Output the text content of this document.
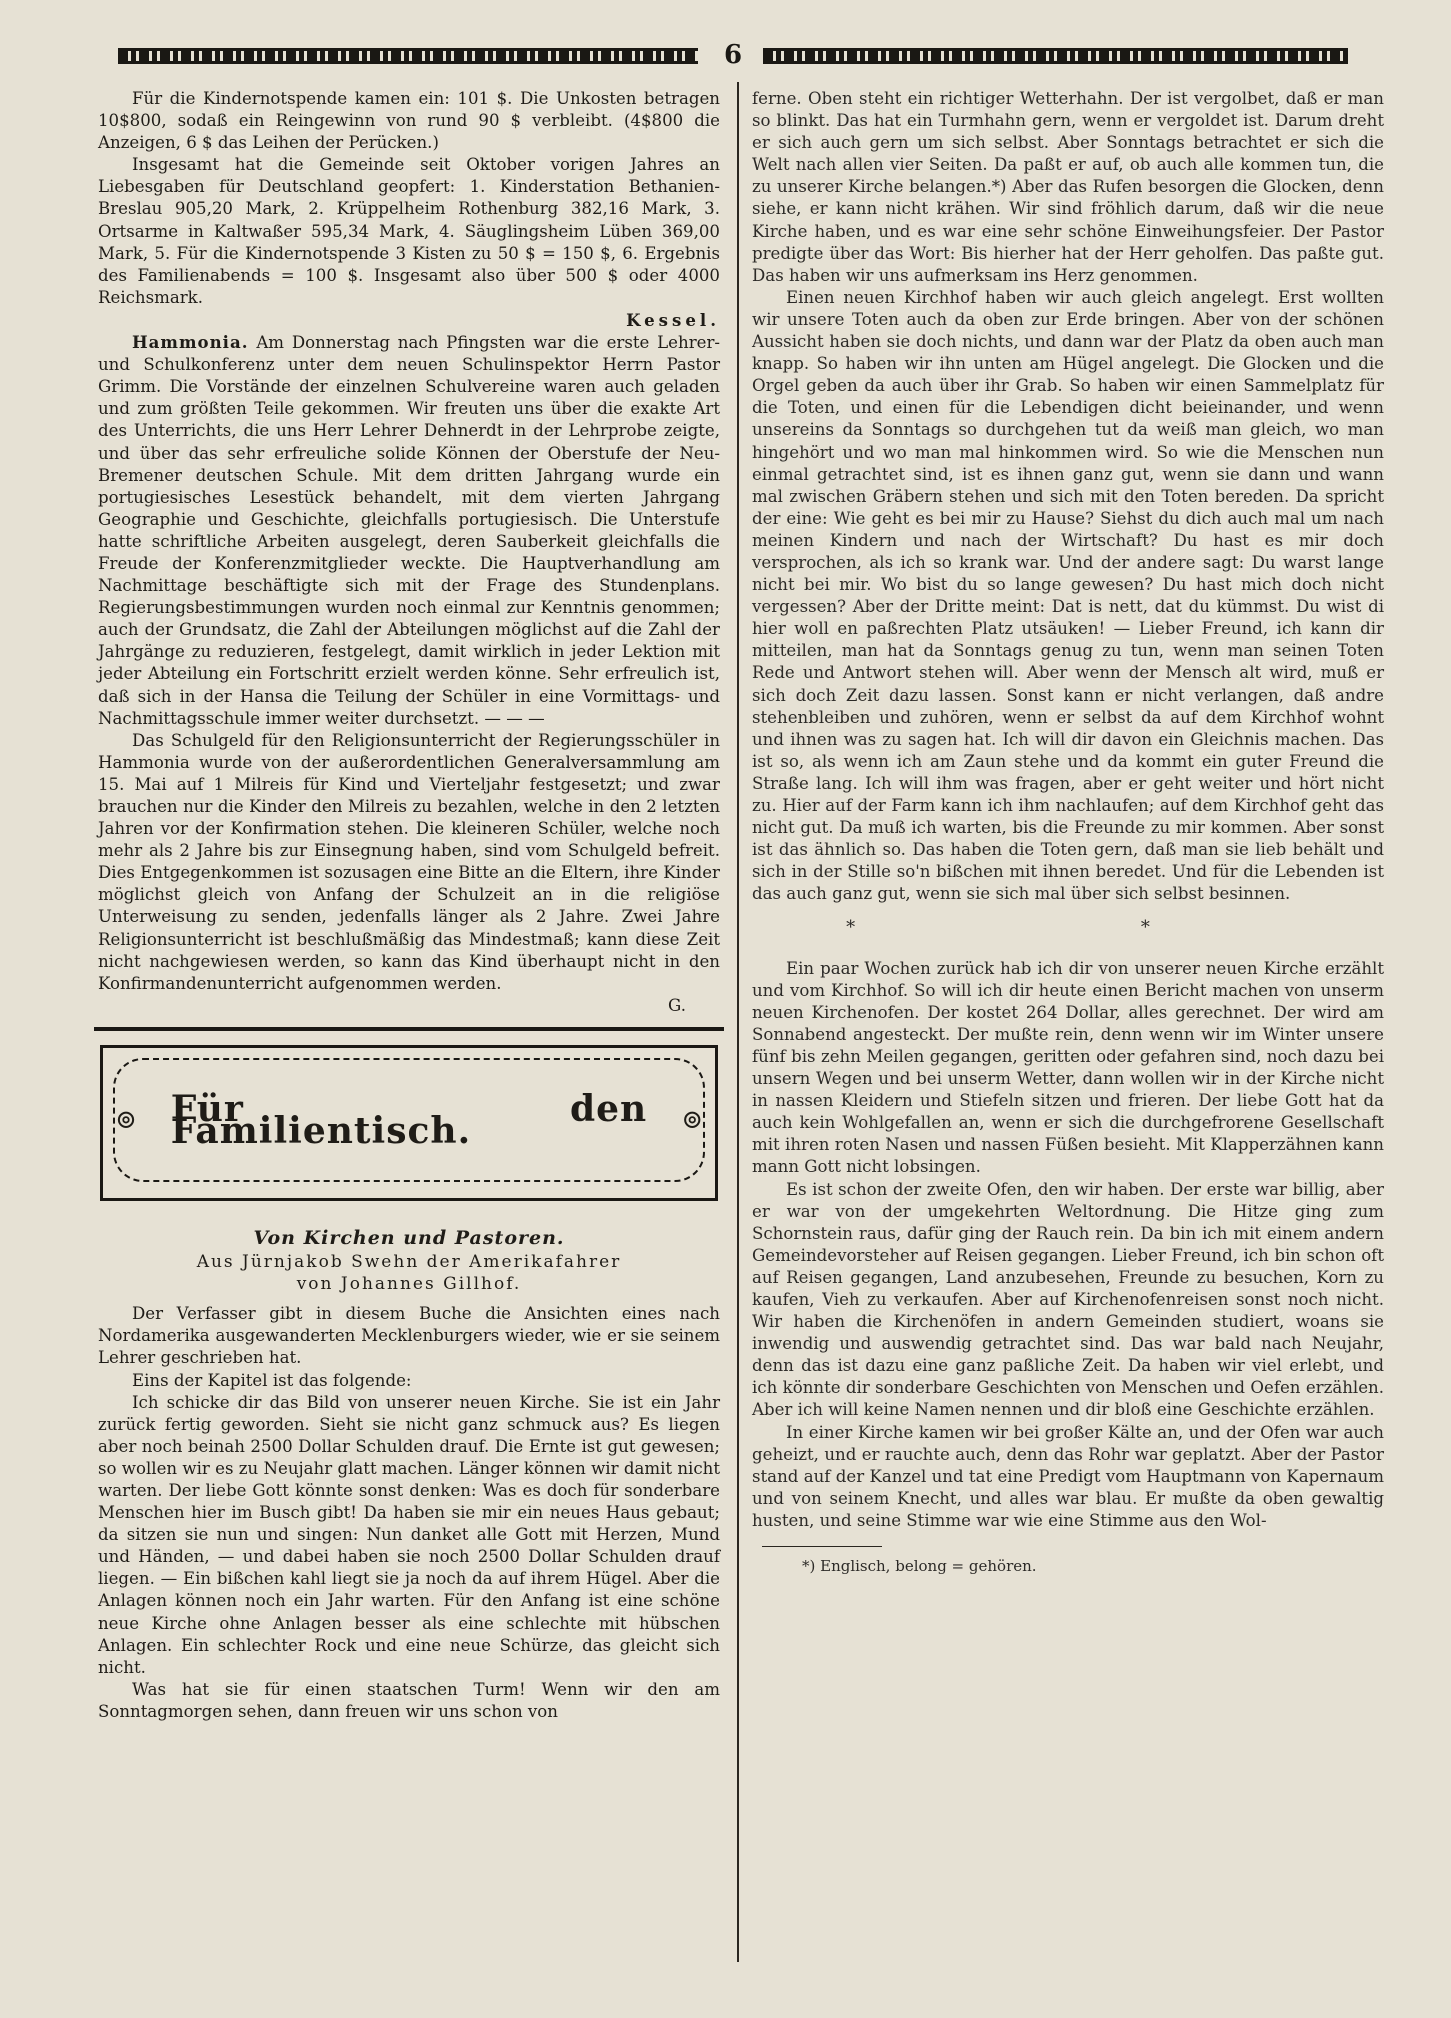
6

Für die Kindernotspende kamen ein: 101 $. Die Unkosten betragen 10$800, sodaß ein Reingewinn von rund 90 $ verbleibt. (4$800 die Anzeigen, 6 $ das Leihen der Perücken.)

Insgesamt hat die Gemeinde seit Oktober vorigen Jahres an Liebesgaben für Deutschland geopfert: 1. Kinderstation Bethanien-Breslau 905,20 Mark, 2. Krüppelheim Rothenburg 382,16 Mark, 3. Ortsarme in Kaltwaßer 595,34 Mark, 4. Säuglingsheim Lüben 369,00 Mark, 5. Für die Kindernotspende 3 Kisten zu 50 $ = 150 $, 6. Ergebnis des Familienabends = 100 $. Insgesamt also über 500 $ oder 4000 Reichsmark.

Kessel.

Hammonia. Am Donnerstag nach Pfingsten war die erste Lehrer- und Schulkonferenz unter dem neuen Schulinspektor Herrn Pastor Grimm. Die Vorstände der einzelnen Schulvereine waren auch geladen und zum größten Teile gekommen. Wir freuten uns über die exakte Art des Unterrichts, die uns Herr Lehrer Dehnerdt in der Lehrprobe zeigte, und über das sehr erfreuliche solide Können der Oberstufe der Neu-Bremener deutschen Schule. Mit dem dritten Jahrgang wurde ein portugiesisches Lesestück behandelt, mit dem vierten Jahrgang Geographie und Geschichte, gleichfalls portugiesisch. Die Unterstufe hatte schriftliche Arbeiten ausgelegt, deren Sauberkeit gleichfalls die Freude der Konferenzmitglieder weckte. Die Hauptverhandlung am Nachmittage beschäftigte sich mit der Frage des Stundenplans. Regierungsbestimmungen wurden noch einmal zur Kenntnis genommen; auch der Grundsatz, die Zahl der Abteilungen möglichst auf die Zahl der Jahrgänge zu reduzieren, festgelegt, damit wirklich in jeder Lektion mit jeder Abteilung ein Fortschritt erzielt werden könne. Sehr erfreulich ist, daß sich in der Hansa die Teilung der Schüler in eine Vormittags- und Nachmittagsschule immer weiter durchsetzt. — — —

Das Schulgeld für den Religionsunterricht der Regierungsschüler in Hammonia wurde von der außerordentlichen Generalversammlung am 15. Mai auf 1 Milreis für Kind und Vierteljahr festgesetzt; und zwar brauchen nur die Kinder den Milreis zu bezahlen, welche in den 2 letzten Jahren vor der Konfirmation stehen. Die kleineren Schüler, welche noch mehr als 2 Jahre bis zur Einsegnung haben, sind vom Schulgeld befreit. Dies Entgegenkommen ist sozusagen eine Bitte an die Eltern, ihre Kinder möglichst gleich von Anfang der Schulzeit an in die religiöse Unterweisung zu senden, jedenfalls länger als 2 Jahre. Zwei Jahre Religionsunterricht ist beschlußmäßig das Mindestmaß; kann diese Zeit nicht nachgewiesen werden, so kann das Kind überhaupt nicht in den Konfirmandenunterricht aufgenommen werden.

G.
⊚ Für den Familientisch.	⊚
Von Kirchen und Pastoren.
Aus Jürnjakob Swehn der Amerikafahrer
von Johannes Gillhof.

Der Verfasser gibt in diesem Buche die Ansichten eines nach Nordamerika ausgewanderten Mecklenburgers wieder, wie er sie seinem Lehrer geschrieben hat.

Eins der Kapitel ist das folgende:

Ich schicke dir das Bild von unserer neuen Kirche. Sie ist ein Jahr zurück fertig geworden. Sieht sie nicht ganz schmuck aus? Es liegen aber noch beinah 2500 Dollar Schulden drauf. Die Ernte ist gut gewesen; so wollen wir es zu Neujahr glatt machen. Länger können wir damit nicht warten. Der liebe Gott könnte sonst denken: Was es doch für sonderbare Menschen hier im Busch gibt! Da haben sie mir ein neues Haus gebaut; da sitzen sie nun und singen: Nun danket alle Gott mit Herzen, Mund und Händen, — und dabei haben sie noch 2500 Dollar Schulden drauf liegen. — Ein bißchen kahl liegt sie ja noch da auf ihrem Hügel. Aber die Anlagen können noch ein Jahr warten. Für den Anfang ist eine schöne neue Kirche ohne Anlagen besser als eine schlechte mit hübschen Anlagen. Ein schlechter Rock und eine neue Schürze, das gleicht sich nicht.

Was hat sie für einen staatschen Turm! Wenn wir den am Sonntagmorgen sehen, dann freuen wir uns schon von

ferne. Oben steht ein richtiger Wetterhahn. Der ist vergolbet, daß er man so blinkt. Das hat ein Turmhahn gern, wenn er vergoldet ist. Darum dreht er sich auch gern um sich selbst. Aber Sonntags betrachtet er sich die Welt nach allen vier Seiten. Da paßt er auf, ob auch alle kommen tun, die zu unserer Kirche belangen.*) Aber das Rufen besorgen die Glocken, denn siehe, er kann nicht krähen. Wir sind fröhlich darum, daß wir die neue Kirche haben, und es war eine sehr schöne Einweihungsfeier. Der Pastor predigte über das Wort: Bis hierher hat der Herr geholfen. Das paßte gut. Das haben wir uns aufmerksam ins Herz genommen.

Einen neuen Kirchhof haben wir auch gleich angelegt. Erst wollten wir unsere Toten auch da oben zur Erde bringen. Aber von der schönen Aussicht haben sie doch nichts, und dann war der Platz da oben auch man knapp. So haben wir ihn unten am Hügel angelegt. Die Glocken und die Orgel geben da auch über ihr Grab. So haben wir einen Sammelplatz für die Toten, und einen für die Lebendigen dicht beieinander, und wenn unsereins da Sonntags so durchgehen tut da weiß man gleich, wo man hingehört und wo man mal hinkommen wird. So wie die Menschen nun einmal getrachtet sind, ist es ihnen ganz gut, wenn sie dann und wann mal zwischen Gräbern stehen und sich mit den Toten bereden. Da spricht der eine: Wie geht es bei mir zu Hause? Siehst du dich auch mal um nach meinen Kindern und nach der Wirtschaft? Du hast es mir doch versprochen, als ich so krank war. Und der andere sagt: Du warst lange nicht bei mir. Wo bist du so lange gewesen? Du hast mich doch nicht vergessen? Aber der Dritte meint: Dat is nett, dat du kümmst. Du wist di hier woll en paßrechten Platz utsäuken! — Lieber Freund, ich kann dir mitteilen, man hat da Sonntags genug zu tun, wenn man seinen Toten Rede und Antwort stehen will. Aber wenn der Mensch alt wird, muß er sich doch Zeit dazu lassen. Sonst kann er nicht verlangen, daß andre stehenbleiben und zuhören, wenn er selbst da auf dem Kirchhof wohnt und ihnen was zu sagen hat. Ich will dir davon ein Gleichnis machen. Das ist so, als wenn ich am Zaun stehe und da kommt ein guter Freund die Straße lang. Ich will ihm was fragen, aber er geht weiter und hört nicht zu. Hier auf der Farm kann ich ihm nachlaufen; auf dem Kirchhof geht das nicht gut. Da muß ich warten, bis die Freunde zu mir kommen. Aber sonst ist das ähnlich so. Das haben die Toten gern, daß man sie lieb behält und sich in der Stille so'n bißchen mit ihnen beredet. Und für die Lebenden ist das auch ganz gut, wenn sie sich mal über sich selbst besinnen.

* *

Ein paar Wochen zurück hab ich dir von unserer neuen Kirche erzählt und vom Kirchhof. So will ich dir heute einen Bericht machen von unserm neuen Kirchenofen. Der kostet 264 Dollar, alles gerechnet. Der wird am Sonnabend angesteckt. Der mußte rein, denn wenn wir im Winter unsere fünf bis zehn Meilen gegangen, geritten oder gefahren sind, noch dazu bei unsern Wegen und bei unserm Wetter, dann wollen wir in der Kirche nicht in nassen Kleidern und Stiefeln sitzen und frieren. Der liebe Gott hat da auch kein Wohlgefallen an, wenn er sich die durchgefrorene Gesellschaft mit ihren roten Nasen und nassen Füßen besieht. Mit Klapperzähnen kann mann Gott nicht lobsingen.

Es ist schon der zweite Ofen, den wir haben. Der erste war billig, aber er war von der umgekehrten Weltordnung. Die Hitze ging zum Schornstein raus, dafür ging der Rauch rein. Da bin ich mit einem andern Gemeindevorsteher auf Reisen gegangen. Lieber Freund, ich bin schon oft auf Reisen gegangen, Land anzubesehen, Freunde zu besuchen, Korn zu kaufen, Vieh zu verkaufen. Aber auf Kirchenofenreisen sonst noch nicht. Wir haben die Kirchenöfen in andern Gemeinden studiert, woans sie inwendig und auswendig getrachtet sind. Das war bald nach Neujahr, denn das ist dazu eine ganz paßliche Zeit. Da haben wir viel erlebt, und ich könnte dir sonderbare Geschichten von Menschen und Oefen erzählen. Aber ich will keine Namen nennen und dir bloß eine Geschichte erzählen.

In einer Kirche kamen wir bei großer Kälte an, und der Ofen war auch geheizt, und er rauchte auch, denn das Rohr war geplatzt. Aber der Pastor stand auf der Kanzel und tat eine Predigt vom Hauptmann von Kapernaum und von seinem Knecht, und alles war blau. Er mußte da oben gewaltig husten, und seine Stimme war wie eine Stimme aus den Wol-

*) Englisch, belong = gehören.
